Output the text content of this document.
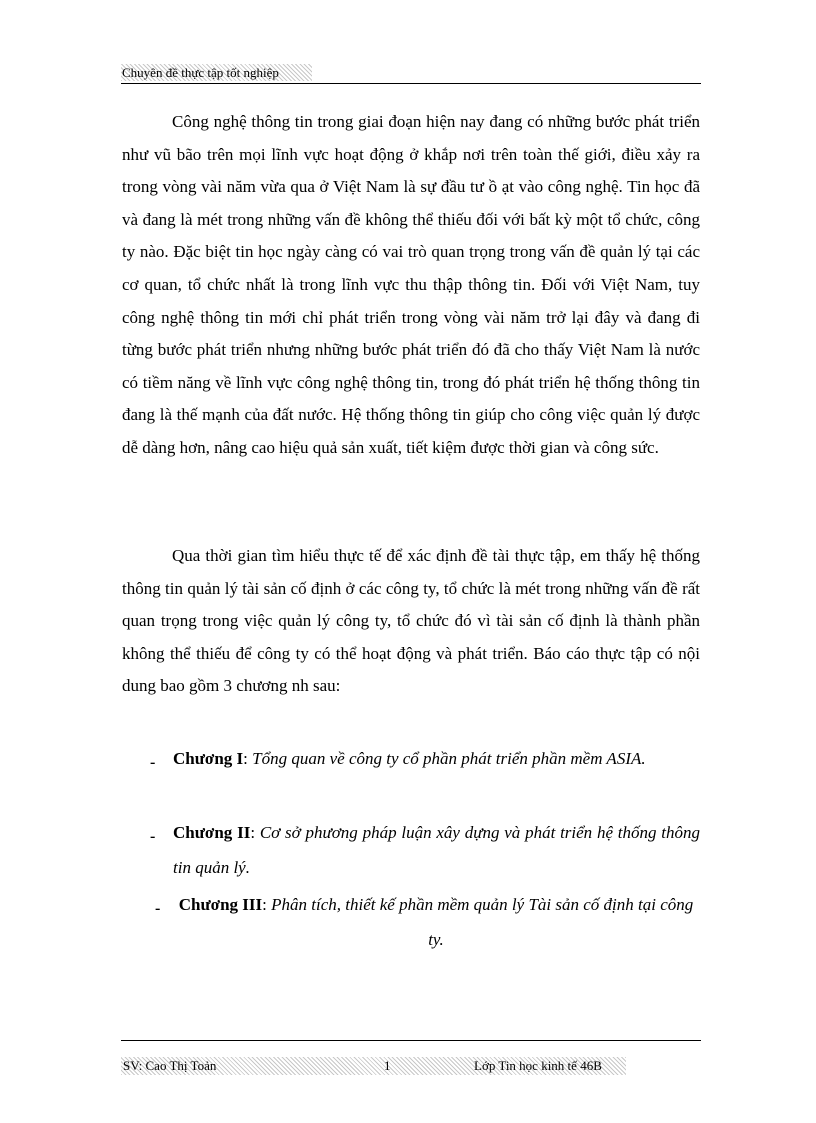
Chuyên đề thực tập tốt nghiệp

Công nghệ thông tin trong giai đoạn hiện nay đang có những bước phát triển như vũ bão trên mọi lĩnh vực hoạt động ở khắp nơi trên toàn thế giới, điều xảy ra trong vòng vài năm vừa qua ở Việt Nam là sự đầu tư ồ ạt vào công nghệ. Tin học đã và đang là mét trong những vấn đề không thể thiếu đối với bất kỳ một tổ chức, công ty nào. Đặc biệt tin học ngày càng có vai trò quan trọng trong vấn đề quản lý tại các cơ quan, tổ chức nhất là trong lĩnh vực thu thập thông tin. Đối với Việt Nam, tuy công nghệ thông tin mới chỉ phát triển trong vòng vài năm trở lại đây và đang đi từng bước phát triển nhưng những bước phát triển đó đã cho thấy Việt Nam là nước có tiềm năng về lĩnh vực công nghệ thông tin, trong đó phát triển hệ thống thông tin đang là thế mạnh của đất nước. Hệ thống thông tin giúp cho công việc quản lý được dễ dàng hơn, nâng cao hiệu quả sản xuất, tiết kiệm được thời gian và công sức.

Qua thời gian tìm hiểu thực tế để xác định đề tài thực tập, em thấy hệ thống thông tin quản lý tài sản cố định ở các công ty, tổ chức là mét trong những vấn đề rất quan trọng trong việc quản lý công ty, tổ chức đó vì tài sản cố định là thành phần không thể thiếu để công ty có thể hoạt động và phát triển. Báo cáo thực tập có nội dung bao gồm 3 chương nh sau:

- Chương I: Tổng quan về công ty cổ phần phát triển phần mềm ASIA.

- Chương II: Cơ sở phương pháp luận xây dựng và phát triển hệ thống thông tin quản lý.

- Chương III: Phân tích, thiết kế phần mềm quản lý Tài sản cố định tại công ty.

SV: Cao Thị Toản	1	Lớp Tin học kinh tế 46B
